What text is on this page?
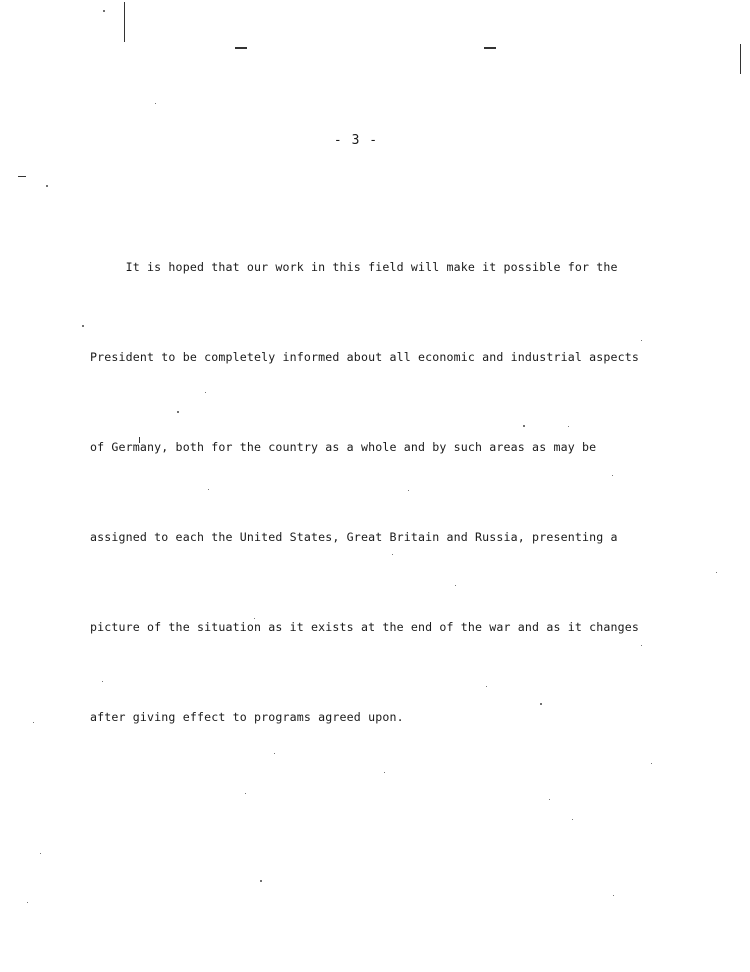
- 3 -

It is hoped that our work in this field will make it possible for the

President to be completely informed about all economic and industrial aspects

of Germany, both for the country as a whole and by such areas as may be

assigned to each the United States, Great Britain and Russia, presenting a

picture of the situation as it exists at the end of the war and as it changes

after giving effect to programs agreed upon.
